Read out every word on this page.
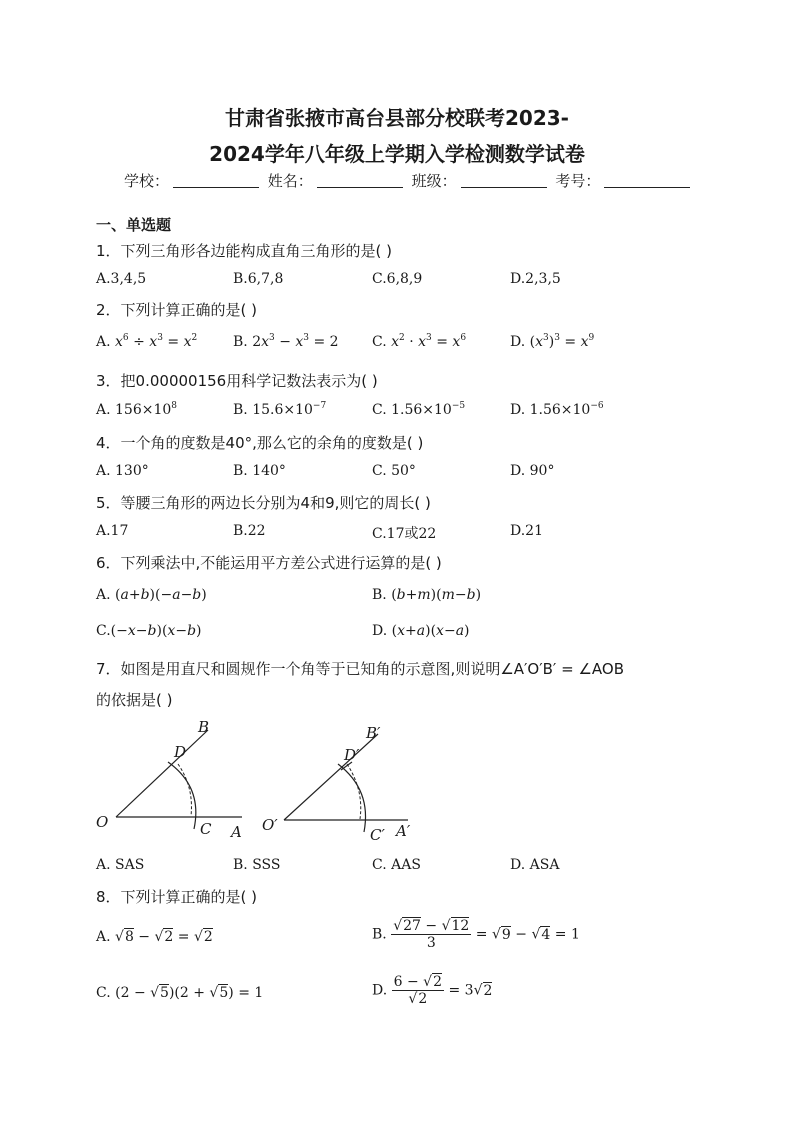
甘肃省张掖市高台县部分校联考2023-
2024学年八年级上学期入学检测数学试卷
学校：	姓名：	班级：	考号：
一、单选题
1．下列三角形各边能构成直角三角形的是( )
A.3,4,5	B.6,7,8	C.6,8,9	D.2,3,5
2．下列计算正确的是( )
A. $x^6 \div x^3 = x^2$	B. $2x^3 - x^3 = 2$ C. $x^2 \cdot x^3 = x^6$	D. $(x^3)^3 = x^9$
3．把0.00000156用科学记数法表示为( )
A. $156\times 10^8$	B. $15.6\times 10^{-7}$	C. $1.56\times 10^{-5}$	D. $1.56\times 10^{-6}$
4．一个角的度数是40°,那么它的余角的度数是( )
A. 130°	B. 140°	C. 50°	D. 90°
5．等腰三角形的两边长分别为4和9,则它的周长( )
A.17	B.22	C.17或22	D.21
6．下列乘法中,不能运用平方差公式进行运算的是( )
A. (a+b)(−a−b)	B. (b+m)(m−b)
C.(−x−b)(x−b)	D. (x+a)(x−a)
7．如图是用直尺和圆规作一个角等于已知角的示意图,则说明∠A′O′B′ = ∠AOB
的依据是( )
O
A
B
C
D
O′	A′
B′
C′
D′
A. SAS	B. SSS	C. AAS	D. ASA
8．下列计算正确的是( )
A. √8 − √2 = √2	B. $\frac{√27 - √12}{3} = √9 - √4 = 1$
C. (2 − √5)(2 + √5) = 1	D. $\frac{6 - √2}{√2} = 3√2$
